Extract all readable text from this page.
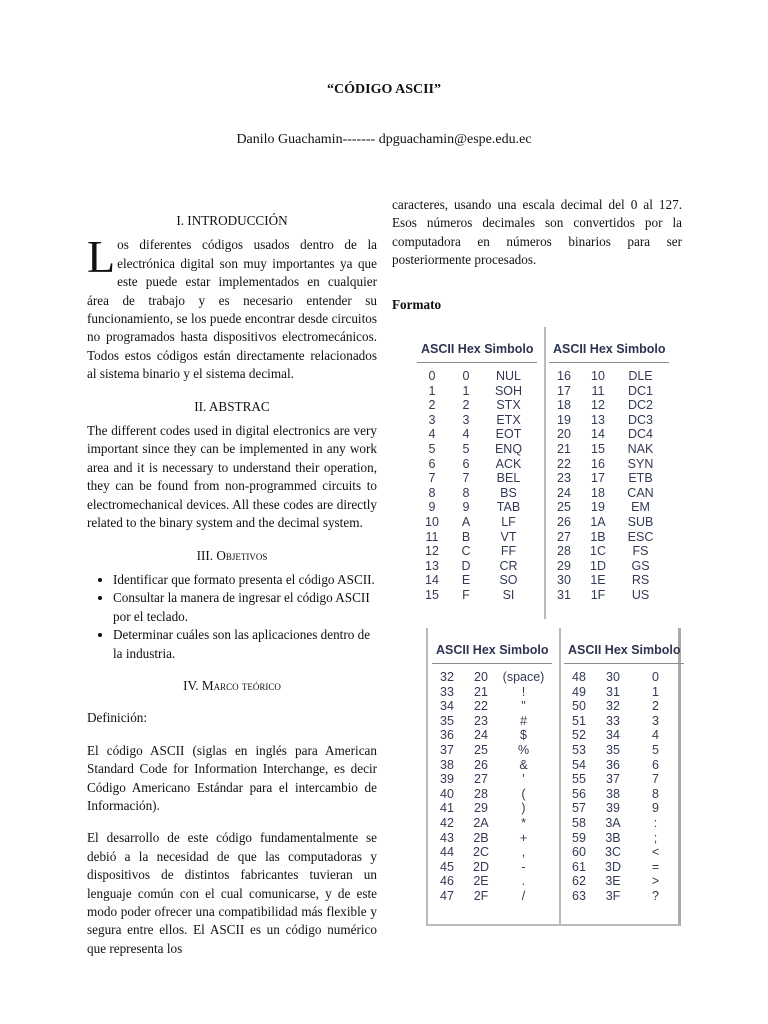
“CÓDIGO ASCII”
Danilo Guachamin------- dpguachamin@espe.edu.ec

I. INTRODUCCIÓN

Los diferentes códigos usados dentro de la electrónica digital son muy importantes ya que este puede estar implementados en cualquier área de trabajo y es necesario entender su funcionamiento, se los puede encontrar desde circuitos no programados hasta dispositivos electromecánicos. Todos estos códigos están directamente relacionados al sistema binario y el sistema decimal.

II. ABSTRAC

The different codes used in digital electronics are very important since they can be implemented in any work area and it is necessary to understand their operation, they can be found from non-programmed circuits to electromechanical devices. All these codes are directly related to the binary system and the decimal system.

III. Objetivos

• Identificar que formato presenta el código ASCII.
• Consultar la manera de ingresar el código ASCII por el teclado.
• Determinar cuáles son las aplicaciones dentro de la industria.

IV. Marco teórico

Definición:

El código ASCII (siglas en inglés para American Standard Code for Information Interchange, es decir Código Americano Estándar para el intercambio de Información).

El desarrollo de este código fundamentalmente se debió a la necesidad de que las computadoras y dispositivos de distintos fabricantes tuvieran un lenguaje común con el cual comunicarse, y de este modo poder ofrecer una compatibilidad más flexible y segura entre ellos. El ASCII es un código numérico que representa los

caracteres, usando una escala decimal del 0 al 127. Esos números decimales son convertidos por la computadora en números binarios para ser posteriormente procesados.

Formato

ASCII Hex Simbolo
0	0	NUL
1	1	SOH
2	2	STX
3	3	ETX
4	4	EOT
5	5	ENQ
6	6	ACK
7	7	BEL
8	8	BS
9	9	TAB
10	A	LF
11	B	VT
12	C	FF
13	D	CR
14	E	SO
15	F	SI
ASCII Hex Simbolo
16	10	DLE
17	11	DC1
18	12	DC2
19	13	DC3
20	14	DC4
21	15	NAK
22	16	SYN
23	17	ETB
24	18	CAN
25	19	EM
26	1A	SUB
27	1B	ESC
28	1C	FS
29	1D	GS
30	1E	RS
31	1F	US
ASCII Hex Simbolo
32	20	(space)
33	21	!
34	22	"
35	23	#
36	24	$
37	25	%
38	26	&
39	27	'
40	28	(
41	29	)
42	2A	*
43	2B	+
44	2C	,
45	2D	-
46	2E	.
47	2F	/
ASCII Hex Simbolo
48	30	0
49	31	1
50	32	2
51	33	3
52	34	4
53	35	5
54	36	6
55	37	7
56	38	8
57	39	9
58	3A	:
59	3B	;
60	3C	<
61	3D	=
62	3E	>
63	3F	?
